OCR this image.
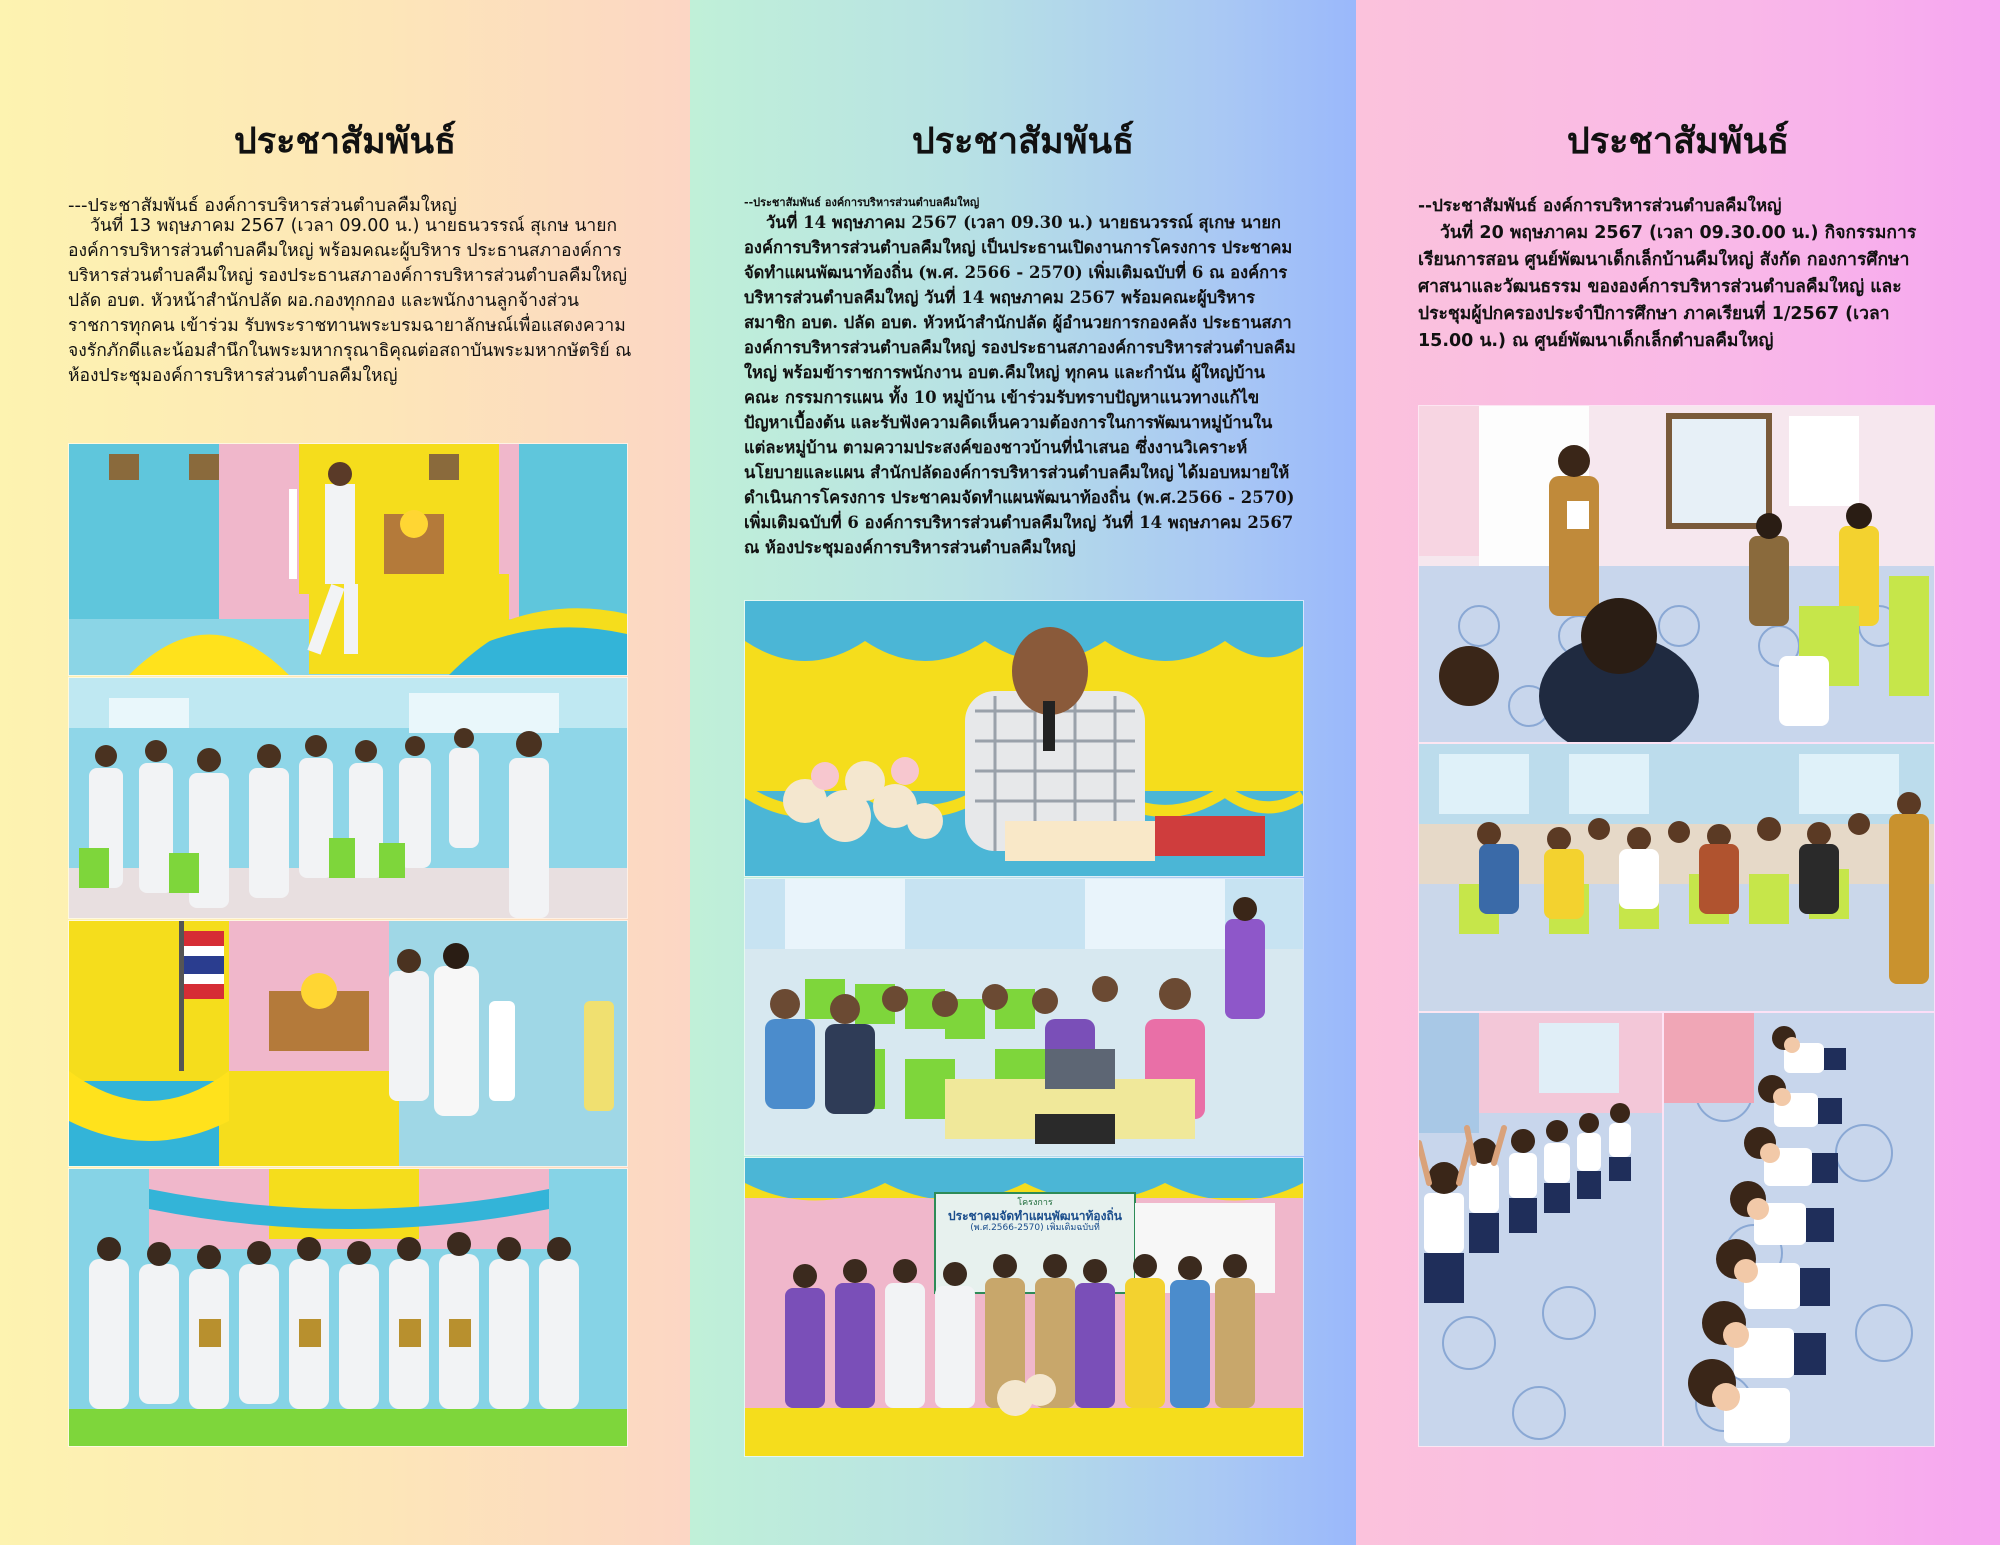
ประชาสัมพันธ์

---ประชาสัมพันธ์ องค์การบริหารส่วนตำบลคืมใหญ่

วันที่ 13 พฤษภาคม 2567 (เวลา 09.00 น.) นายธนวรรณ์ สุเกษ นายกองค์การบริหารส่วนตำบลคืมใหญ่ พร้อมคณะผู้บริหาร ประธานสภาองค์การบริหารส่วนตำบลคืมใหญ่ รองประธานสภาองค์การบริหารส่วนตำบลคืมใหญ่ ปลัด อบต. หัวหน้าสำนักปลัด ผอ.กองทุกกอง และพนักงานลูกจ้างส่วนราชการทุกคน เข้าร่วม รับพระราชทานพระบรมฉายาลักษณ์เพื่อแสดงความจงรักภักดีและน้อมสำนึกในพระมหากรุณาธิคุณต่อสถาบันพระมหากษัตริย์ ณ ห้องประชุมองค์การบริหารส่วนตำบลคืมใหญ่

ประชาสัมพันธ์

--ประชาสัมพันธ์ องค์การบริหารส่วนตำบลคืมใหญ่

วันที่ 14 พฤษภาคม 2567 (เวลา 09.30 น.) นายธนวรรณ์ สุเกษ นายกองค์การบริหารส่วนตำบลคืมใหญ่ เป็นประธานเปิดงานการโครงการ ประชาคมจัดทำแผนพัฒนาท้องถิ่น (พ.ศ. 2566 - 2570) เพิ่มเติมฉบับที่ 6 ณ องค์การบริหารส่วนตำบลคืมใหญ่ วันที่ 14 พฤษภาคม 2567 พร้อมคณะผู้บริหาร สมาชิก อบต. ปลัด อบต. หัวหน้าสำนักปลัด ผู้อำนวยการกองคลัง ประธานสภาองค์การบริหารส่วนตำบลคืมใหญ่ รองประธานสภาองค์การบริหารส่วนตำบลคืมใหญ่ พร้อมข้าราชการพนักงาน อบต.คืมใหญ่ ทุกคน และกำนัน ผู้ใหญ่บ้าน คณะ กรรมการแผน ทั้ง 10 หมู่บ้าน เข้าร่วมรับทราบปัญหาแนวทางแก้ไขปัญหาเบื้องต้น และรับฟังความคิดเห็นความต้องการในการพัฒนาหมู่บ้านในแต่ละหมู่บ้าน ตามความประสงค์ของชาวบ้านที่นำเสนอ ซึ่งงานวิเคราะห์นโยบายและแผน สำนักปลัดองค์การบริหารส่วนตำบลคืมใหญ่ ได้มอบหมายให้ดำเนินการโครงการ ประชาคมจัดทำแผนพัฒนาท้องถิ่น (พ.ศ.2566 - 2570) เพิ่มเติมฉบับที่ 6 องค์การบริหารส่วนตำบลคืมใหญ่ วันที่ 14 พฤษภาคม 2567 ณ ห้องประชุมองค์การบริหารส่วนตำบลคืมใหญ่

โครงการ
ประชาคมจัดทำแผนพัฒนาท้องถิ่น
(พ.ศ.2566-2570) เพิ่มเติมฉบับที่
ประชาสัมพันธ์

--ประชาสัมพันธ์ องค์การบริหารส่วนตำบลคืมใหญ่

วันที่ 20 พฤษภาคม 2567 (เวลา 09.30.00 น.) กิจกรรมการเรียนการสอน ศูนย์พัฒนาเด็กเล็กบ้านคืมใหญ่ สังกัด กองการศึกษาศาสนาและวัฒนธรรม ขององค์การบริหารส่วนตำบลคืมใหญ่ และประชุมผู้ปกครองประจำปีการศึกษา ภาคเรียนที่ 1/2567 (เวลา 15.00 น.) ณ ศูนย์พัฒนาเด็กเล็กตำบลคืมใหญ่
